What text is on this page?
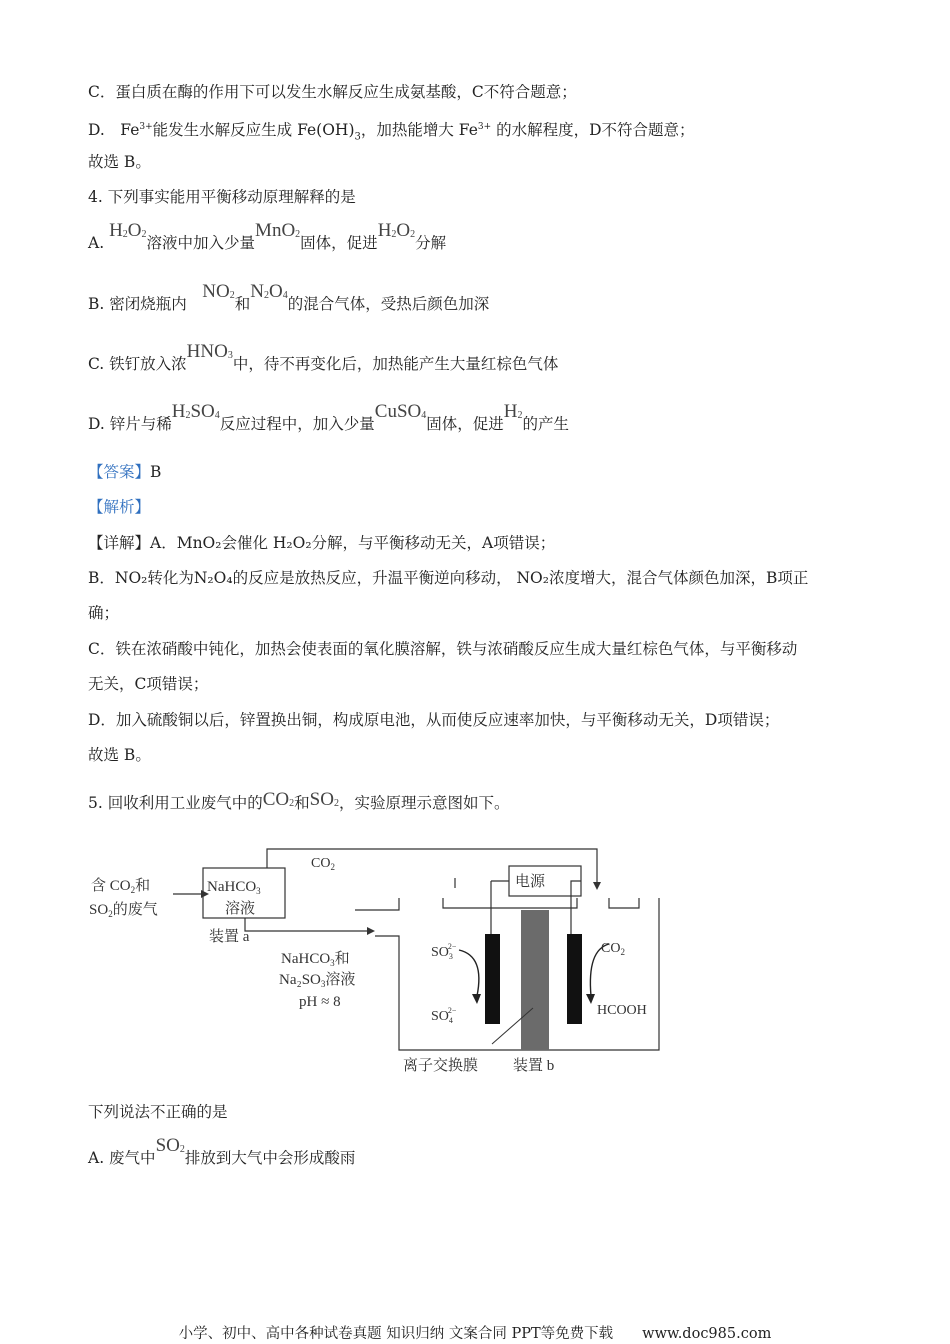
C．蛋白质在酶的作用下可以发生水解反应生成氨基酸，C不符合题意；
D.　$Fe^{3+}$能发生水解反应生成 $Fe(OH)_3$，加热能增大 $Fe^{3+}$ 的水解程度，D不符合题意；
故选 B。
4. 下列事实能用平衡移动原理解释的是
A. $H_2O_2$溶液中加入少量MnO$_2$固体，促进$H_2O_2$分解
B. 密闭烧瓶内　$NO_2$和$N_2O_4$的混合气体，受热后颜色加深
C. 铁钉放入浓$HNO_3$中，待不再变化后，加热能产生大量红棕色气体
D. 锌片与稀$H_2SO_4$反应过程中，加入少量CuSO$_4$固体，促进$H_2$的产生
【答案】B
【解析】
【详解】A．MnO₂会催化 H₂O₂分解，与平衡移动无关，A项错误；
B．NO₂转化为N₂O₄的反应是放热反应，升温平衡逆向移动， NO₂浓度增大，混合气体颜色加深，B项正
确；
C．铁在浓硝酸中钝化，加热会使表面的氧化膜溶解，铁与浓硝酸反应生成大量红棕色气体，与平衡移动
无关，C项错误；
D．加入硫酸铜以后，锌置换出铜，构成原电池，从而使反应速率加快，与平衡移动无关，D项错误；
故选 B。
5. 回收利用工业废气中的$CO_2$和$SO_2$，实验原理示意图如下。
含 $CO_2$和
$SO_2$的废气
NaHCO$_3$
溶液
装置 a
$CO_2$
NaHCO$_3$和
$Na_2SO_3$溶液
pH ≈ 8
电源
$SO_32-$
$SO_42-$
$CO_2$
HCOOH
离子交换膜 装置 b
下列说法不正确的是
A. 废气中$SO_2$排放到大气中会形成酸雨
小学、初中、高中各种试卷真题 知识归纳 文案合同 PPT等免费下载　　www.doc985.com
